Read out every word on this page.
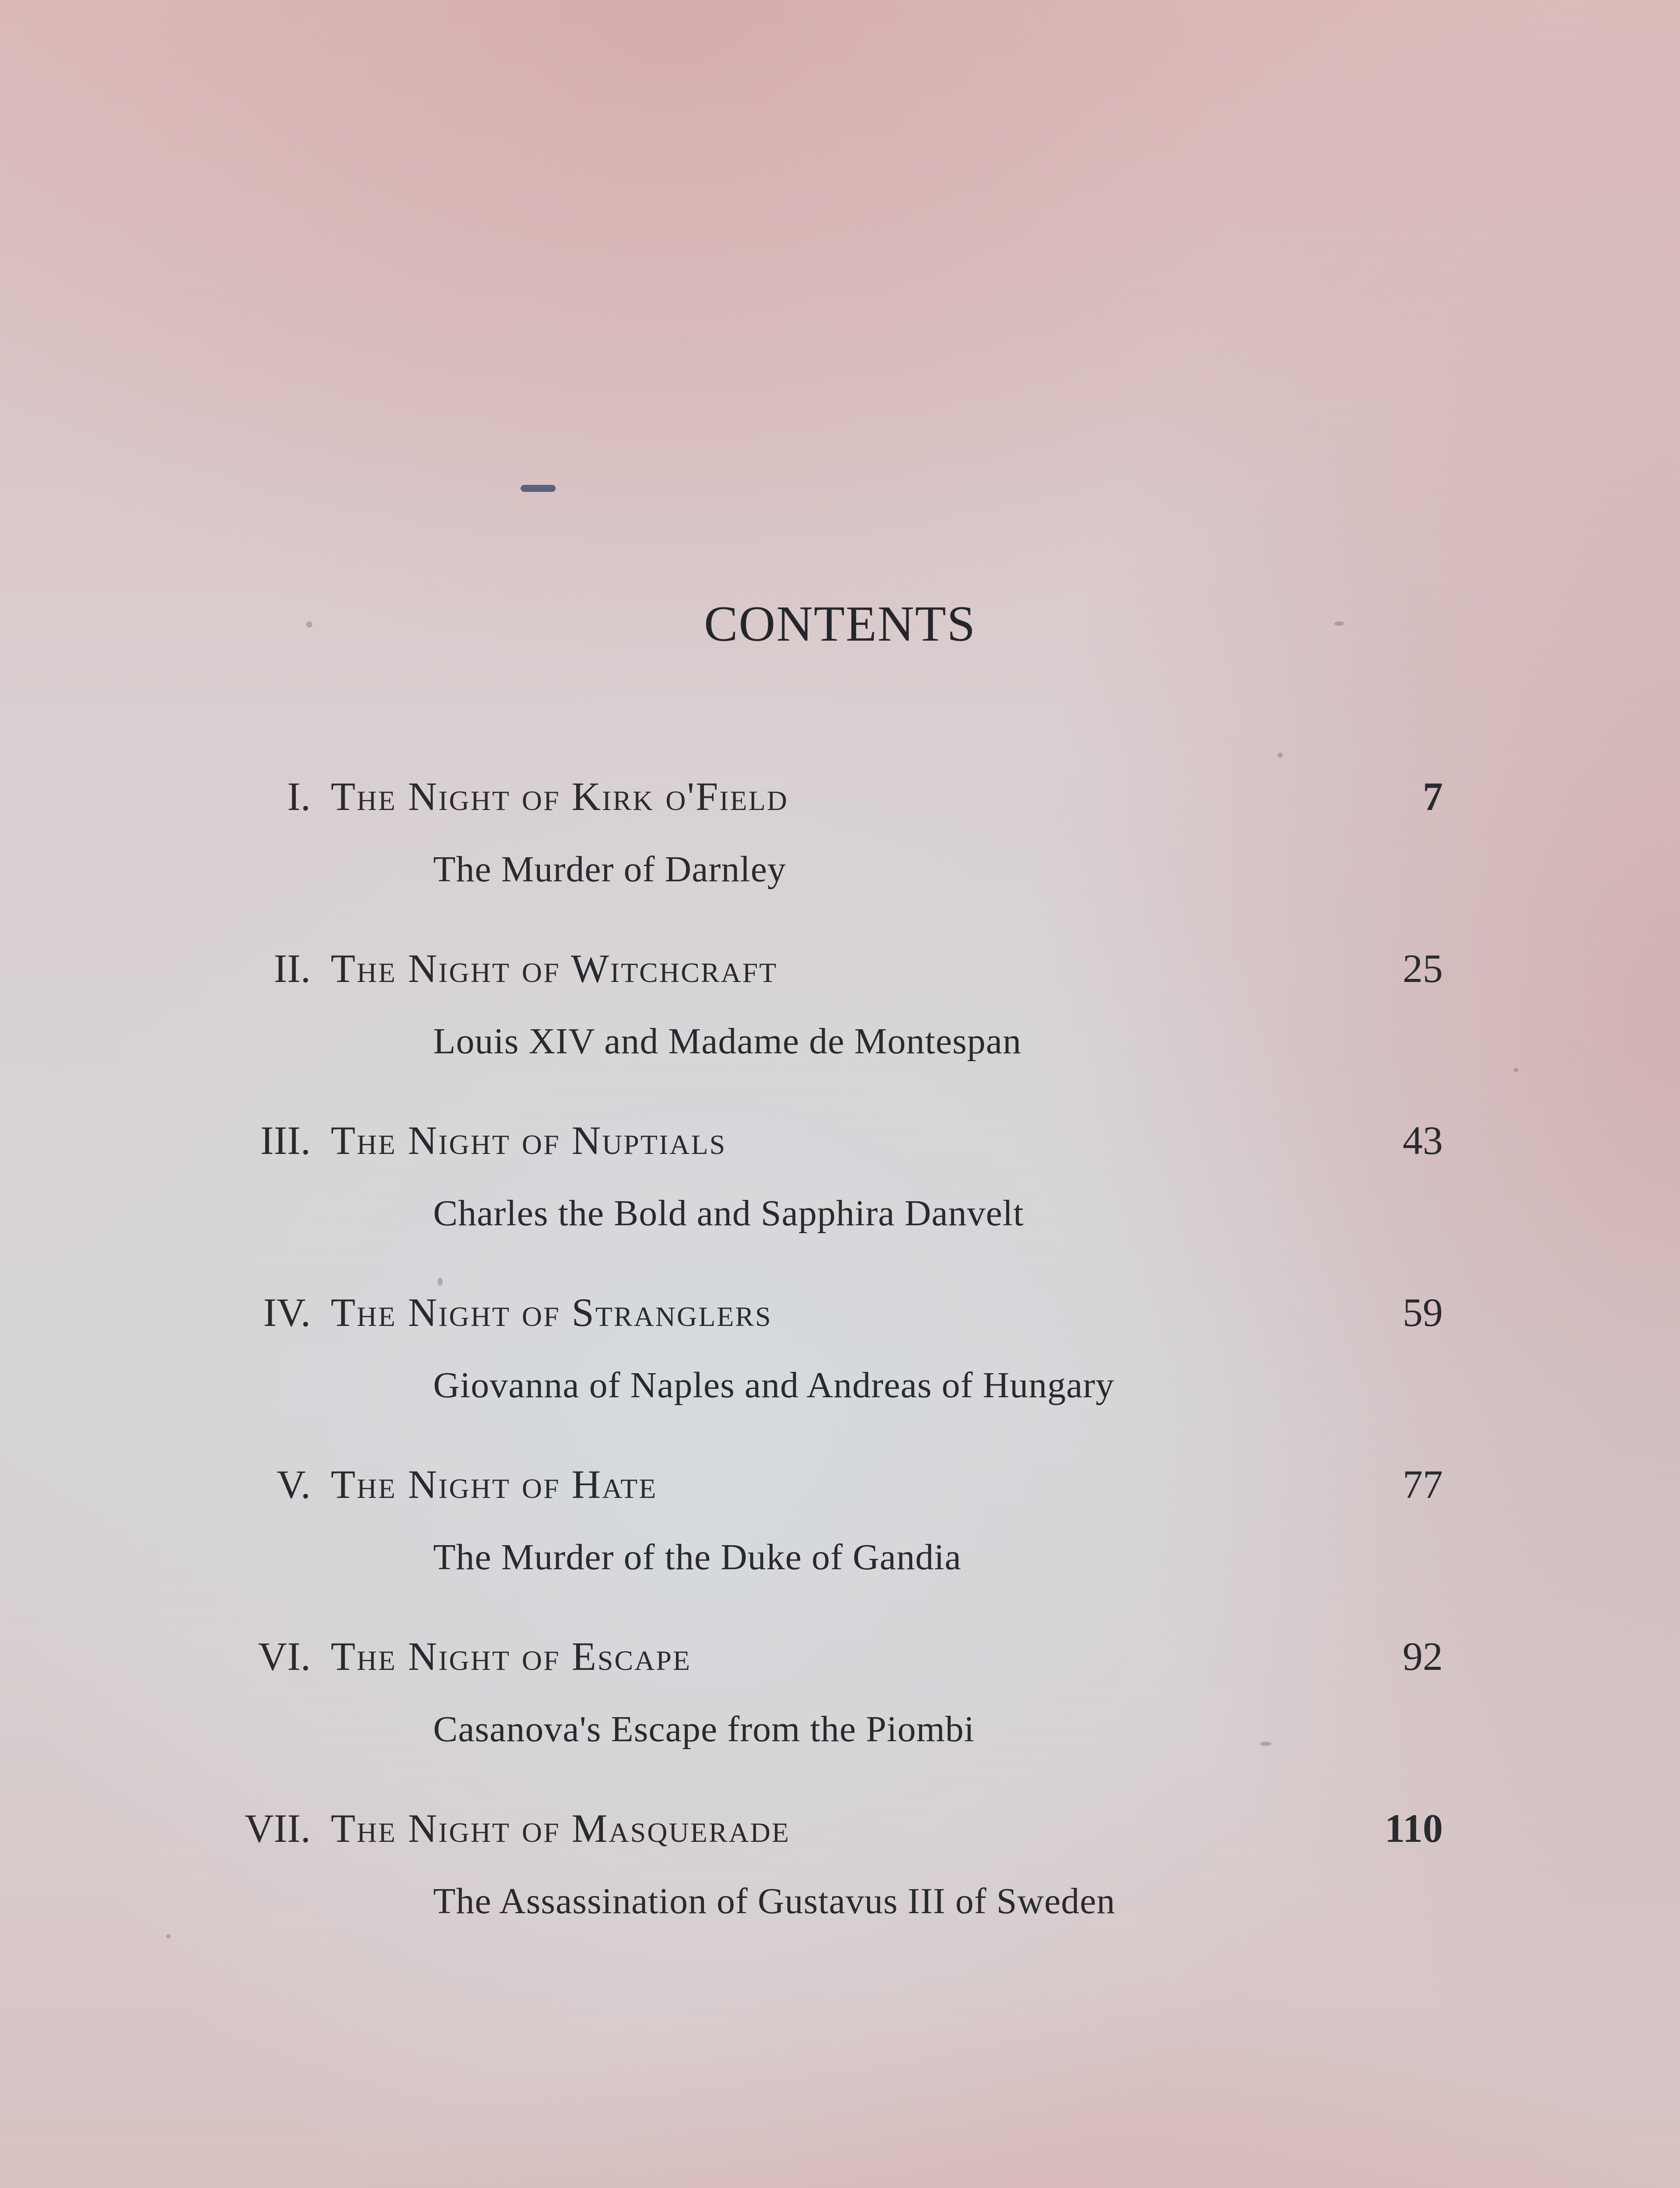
CONTENTS
I. The Night of Kirk o'Field	7
The Murder of Darnley
II. The Night of Witchcraft	25
Louis XIV and Madame de Montespan
III. The Night of Nuptials	43
Charles the Bold and Sapphira Danvelt
IV. The Night of Stranglers	59
Giovanna of Naples and Andreas of Hungary
V. The Night of Hate	77
The Murder of the Duke of Gandia
VI. The Night of Escape	92
Casanova's Escape from the Piombi
VII. The Night of Masquerade	110
The Assassination of Gustavus III of Sweden
